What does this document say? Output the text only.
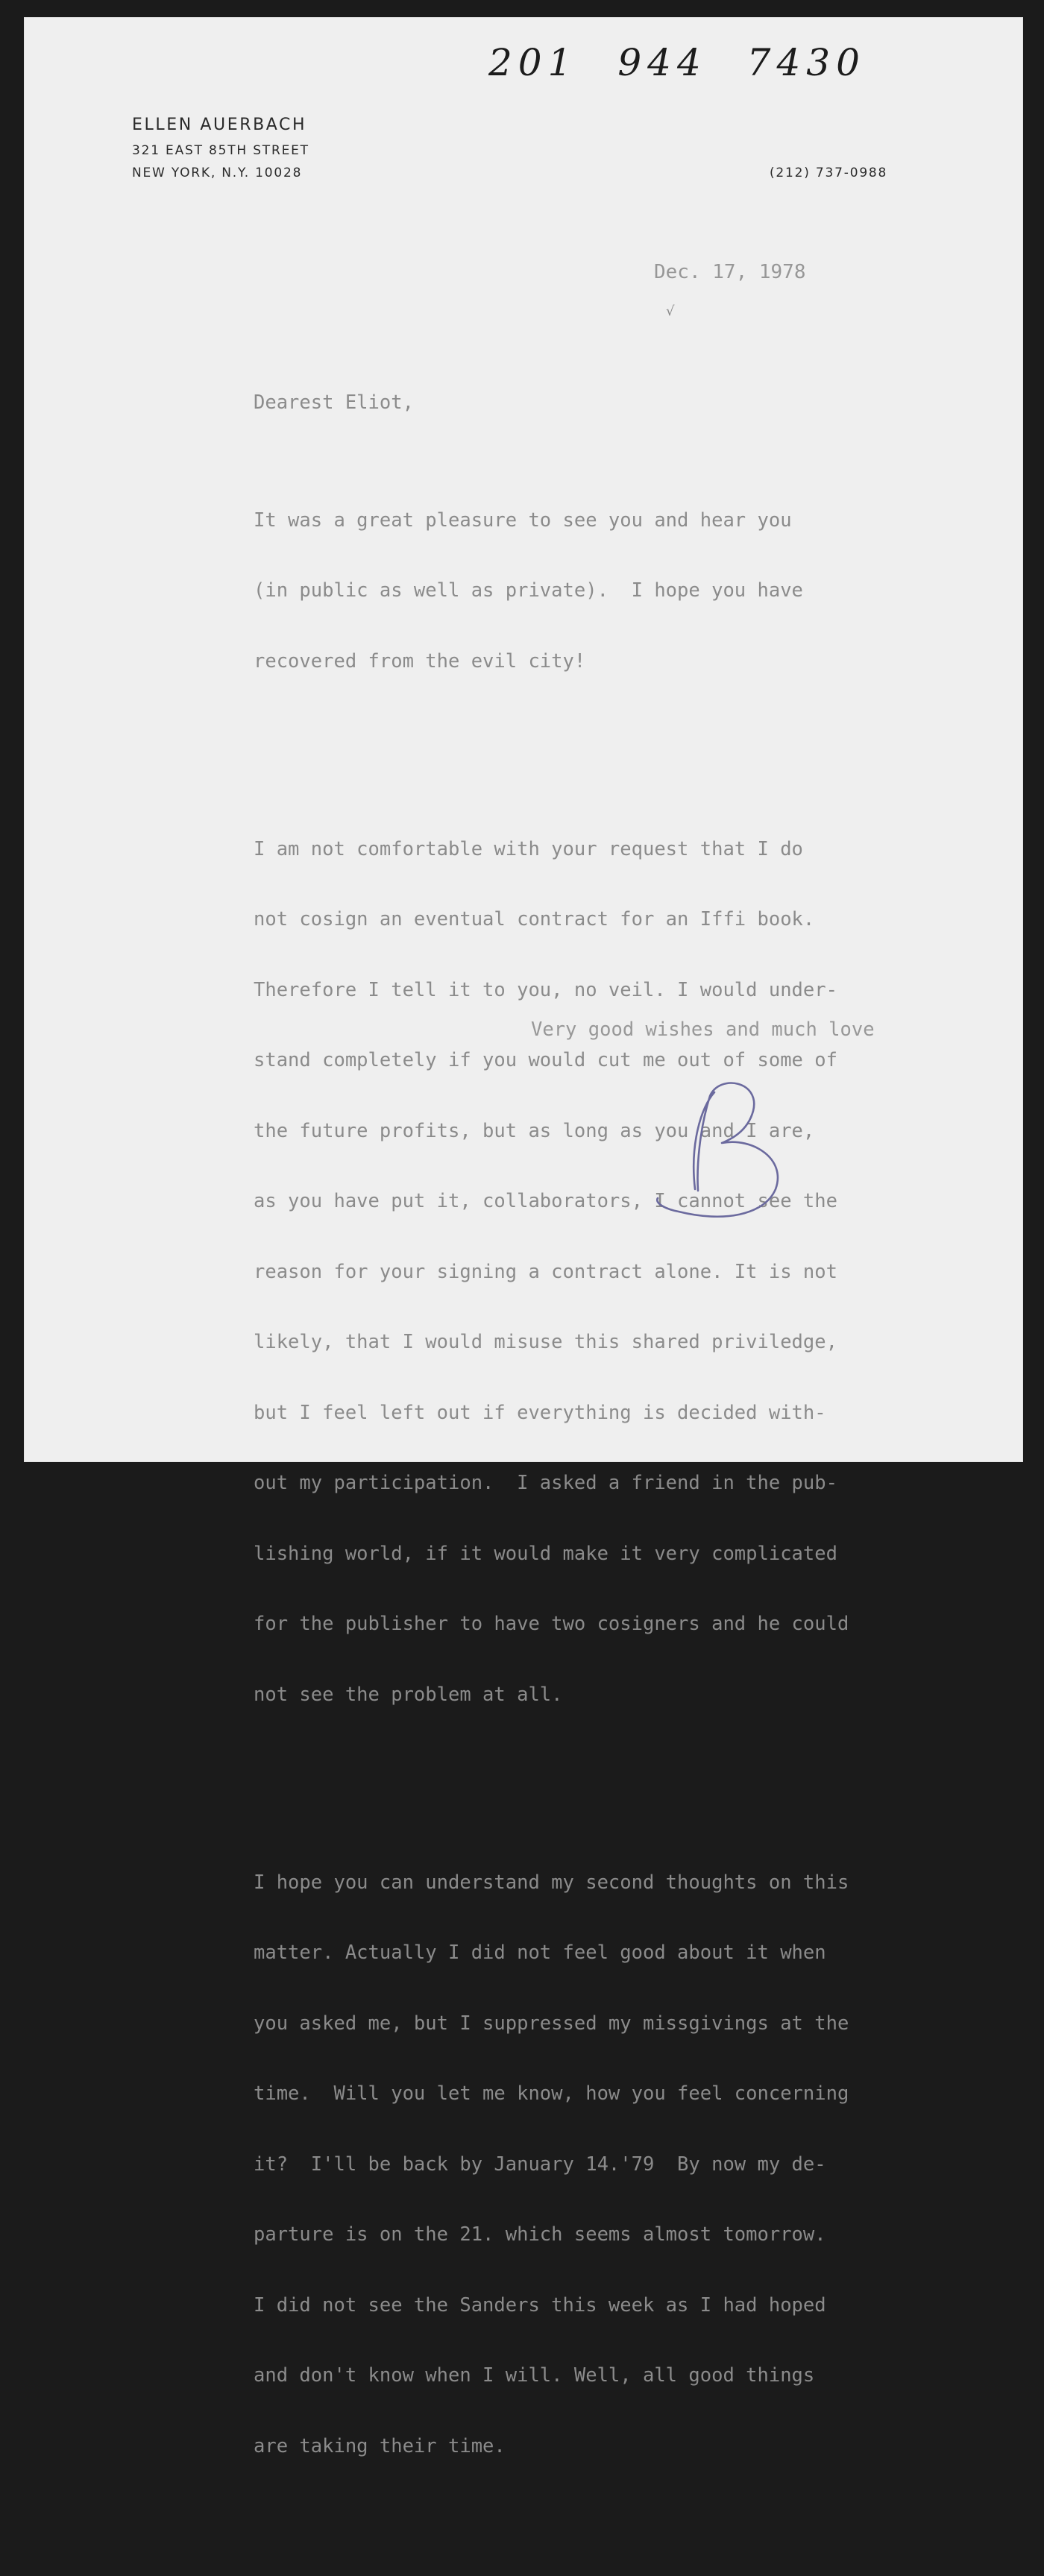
201 944 7430
ELLEN AUERBACH
321 EAST 85TH STREET
NEW YORK, N.Y. 10028	(212) 737-0988
Dec. 17, 1978
√

Dearest Eliot,

It was a great pleasure to see you and hear you

(in public as well as private).  I hope you have

recovered from the evil city!

I am not comfortable with your request that I do

not cosign an eventual contract for an Iffi book.

Therefore I tell it to you, no veil. I would under-

stand completely if you would cut me out of some of

the future profits, but as long as you and I are,

as you have put it, collaborators, I cannot see the

reason for your signing a contract alone. It is not

likely, that I would misuse this shared priviledge,

but I feel left out if everything is decided with-

out my participation.  I asked a friend in the pub-

lishing world, if it would make it very complicated

for the publisher to have two cosigners and he could

not see the problem at all.

I hope you can understand my second thoughts on this

matter. Actually I did not feel good about it when

you asked me, but I suppressed my missgivings at the

time.  Will you let me know, how you feel concerning

it?  I'll be back by January 14.'79  By now my de-

parture is on the 21. which seems almost tomorrow.

I did not see the Sanders this week as I had hoped

and don't know when I will. Well, all good things

are taking their time.

Very good wishes and much love
